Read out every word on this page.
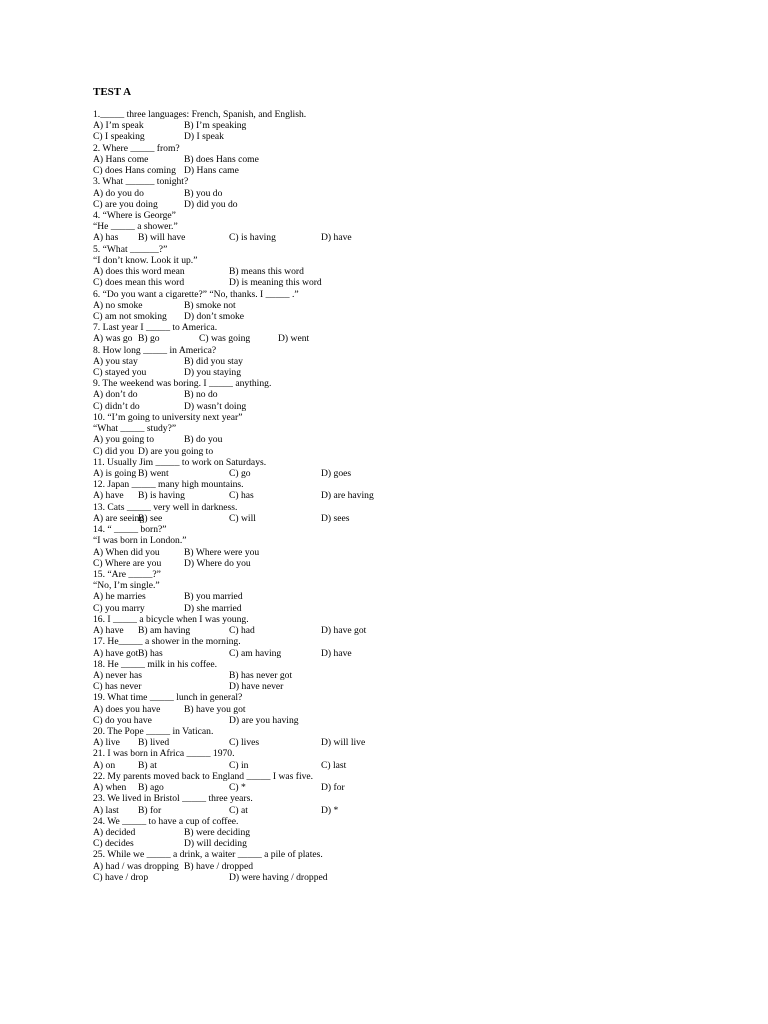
TEST A
1._____ three languages: French, Spanish, and English.
A) I’m speak	B) I’m speaking
C) I speaking	D) I speak
2. Where _____ from?
A) Hans come	B) does Hans come
C) does Hans coming D) Hans came
3. What ______ tonight?
A) do you do	B) you do
C) are you doing	D) did you do
4. “Where is George”
“He _____ a shower.”
A) has B) will have	C) is having	D) have
5. “What ______?”
“I don’t know. Look it up.”
A) does this word mean	B) means this word
C) does mean this word	D) is meaning this word
6. “Do you want a cigarette?” “No, thanks. I _____ .”
A) no smoke	B) smoke not
C) am not smoking D) don’t smoke
7. Last year I _____ to America.
A) was go B) go	C) was going	D) went
8. How long _____ in America?
A) you stay	B) did you stay
C) stayed you	D) you staying
9. The weekend was boring. I _____ anything.
A) don’t do	B) no do
C) didn’t do	D) wasn’t doing
10. “I’m going to university next year”
“What _____ study?”
A) you going to	B) do you
C) did you D) are you going to
11. Usually Jim _____ to work on Saturdays.
A) is going B) went	C) go	D) goes
12. Japan _____ many high mountains.
A) have B) is having	C) has	D) are having
13. Cats _____ very well in darkness.
A) are seeing
B) see	C) will	D) sees
14. “ _____ born?”
“I was born in London.”
A) When did you	B) Where were you
C) Where are you D) Where do you
15. “Are _____?”
“No, I’m single.”
A) he marries	B) you married
C) you marry	D) she married
16. I _____ a bicycle when I was young.
A) have B) am having	C) had	D) have got
17. He_____ a shower in the morning.
A) have got B) has	C) am having	D) have
18. He _____ milk in his coffee.
A) never has	B) has never got
C) has never	D) have never
19. What time _____ lunch in general?
A) does you have B) have you got
C) do you have	D) are you having
20. The Pope _____ in Vatican.
A) live B) lived	C) lives	D) will live
21. I was born in Africa _____ 1970.
A) on B) at	C) in	C) last
22. My parents moved back to England _____ I was five.
A) when B) ago	C) *	D) for
23. We lived in Bristol _____ three years.
A) last B) for	C) at	D) *
24. We _____ to have a cup of coffee.
A) decided	B) were deciding
C) decides	D) will deciding
25. While we _____ a drink, a waiter _____ a pile of plates.
A) had / was dropping B) have / dropped
C) have / drop	D) were having / dropped
